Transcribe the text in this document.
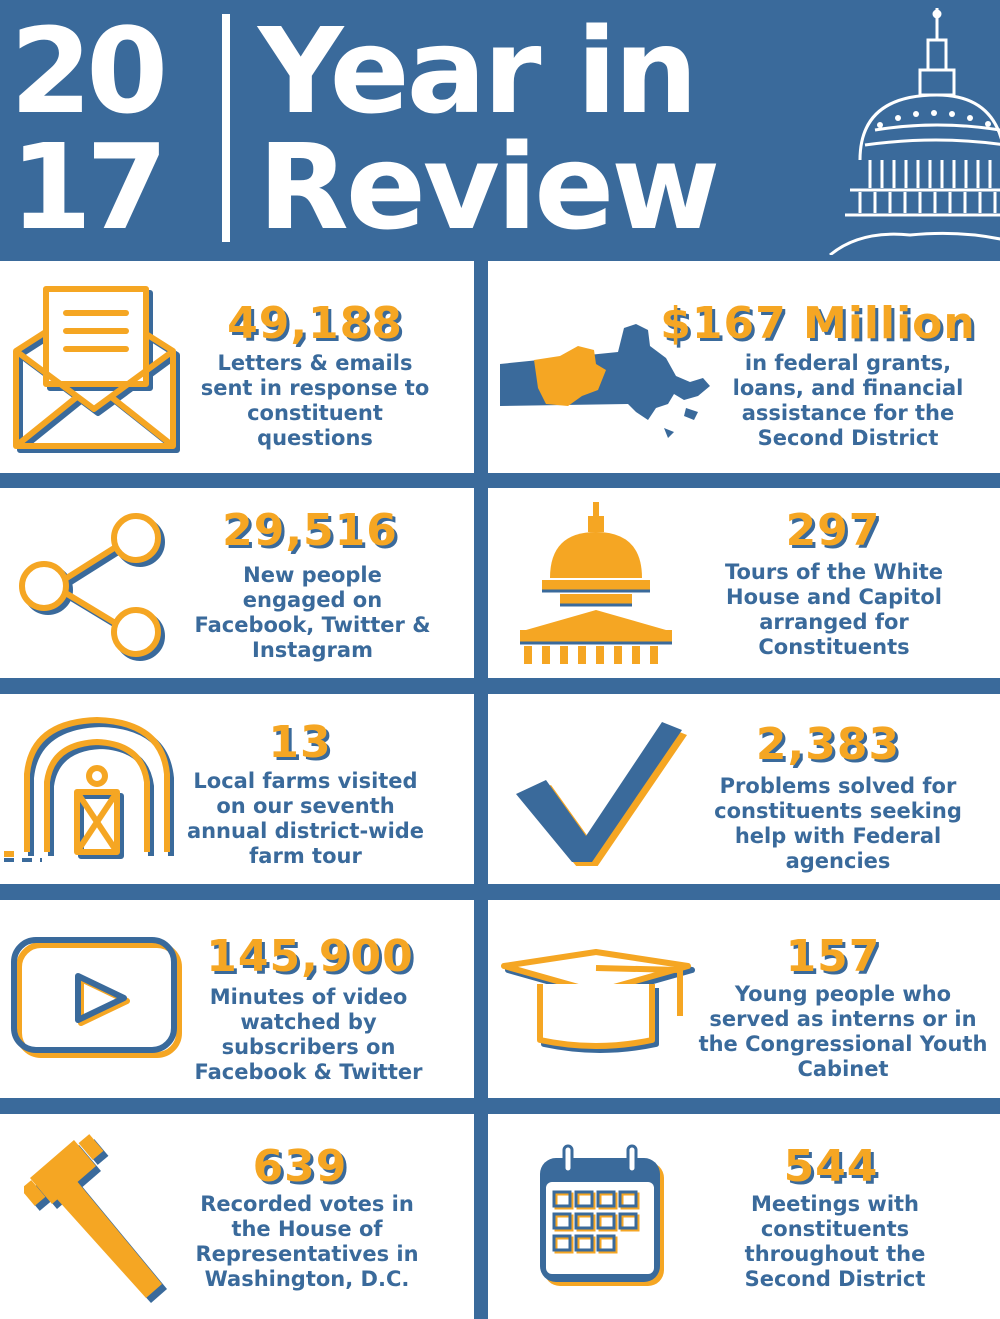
20
17
Year in
Review
49,188
Letters & emails sent in response to constituent questions
$167 Million
in federal grants, loans, and financial assistance for the Second District
29,516
New people engaged on Facebook, Twitter & Instagram
297
Tours of the White House and Capitol arranged for Constituents
13
Local farms visited on our seventh annual district-wide farm tour
2,383
Problems solved for constituents seeking help with Federal agencies
145,900
Minutes of video watched by subscribers on Facebook & Twitter
157
Young people who served as interns or in the Congressional Youth Cabinet
639
Recorded votes in the House of Representatives in Washington, D.C.
544
Meetings with constituents throughout the Second District
